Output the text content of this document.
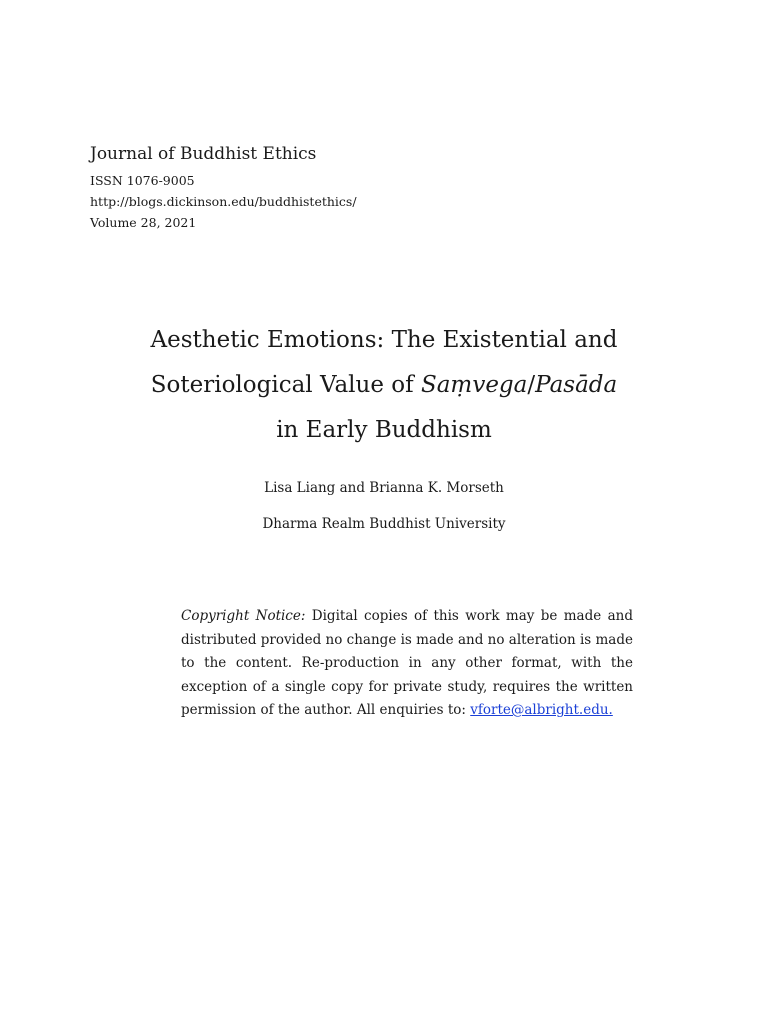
Journal of Buddhist Ethics

ISSN 1076-9005

http://blogs.dickinson.edu/buddhistethics/

Volume 28, 2021

Aesthetic Emotions: The Existential and

Soteriological Value of Saṃvega/Pasāda

in Early Buddhism

Lisa Liang and Brianna K. Morseth

Dharma Realm Buddhist University

Copyright Notice: Digital copies of this work may be made and distributed provided no change is made and no alteration is made to the content. Re-production in any other format, with the exception of a single copy for private study, requires the written permission of the author. All enquiries to: vforte@albright.edu.
